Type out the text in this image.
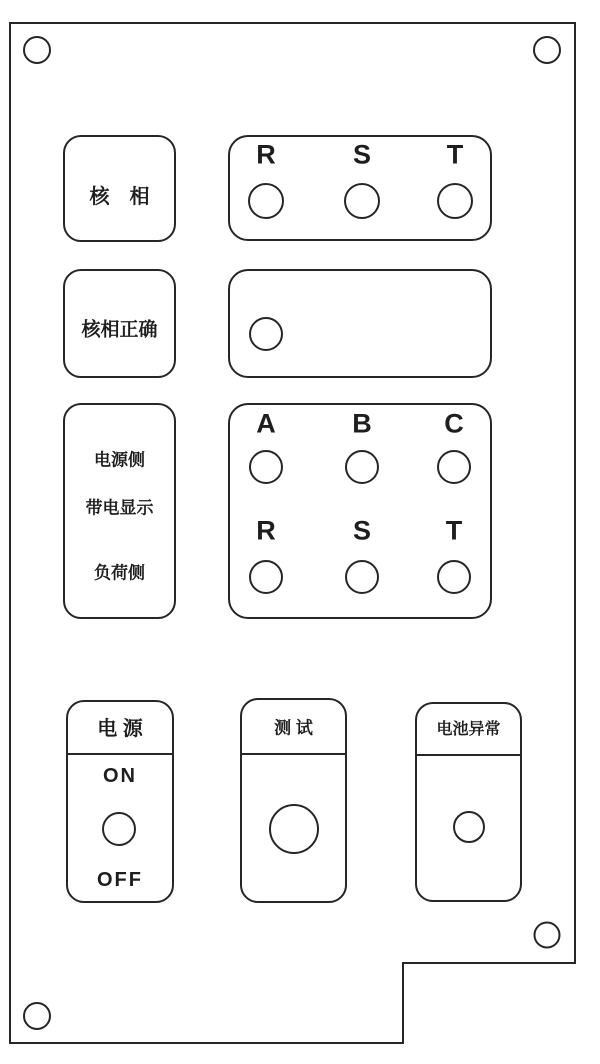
核　相
R	S	T
核相正确
电源侧
带电显示
负荷侧
A	B	C
R	S	T
电 源
ON
OFF
测 试	电池异常
